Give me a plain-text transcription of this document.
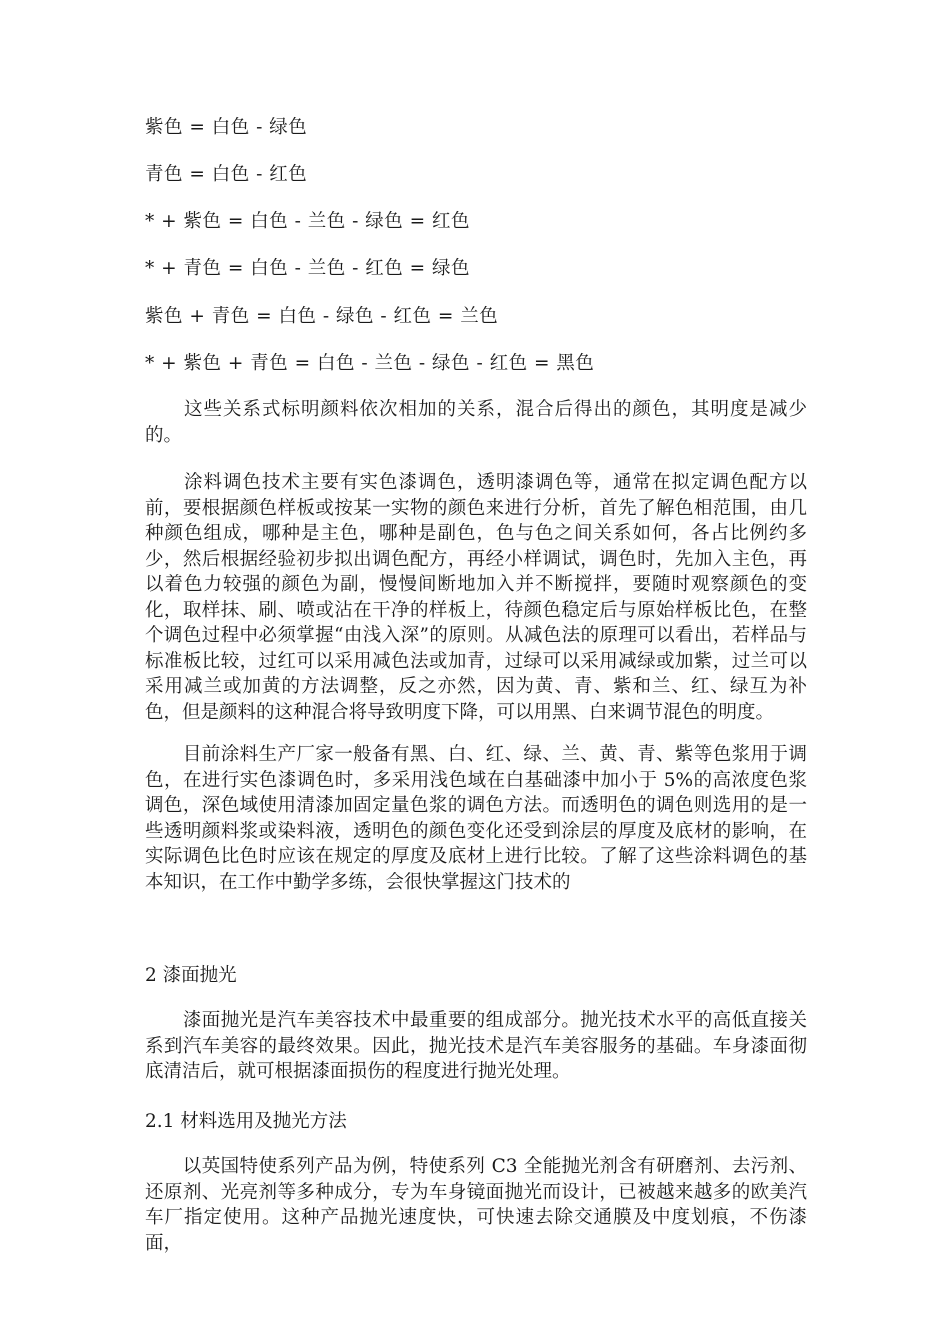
紫色 = 白色 - 绿色
青色 = 白色 - 红色
* + 紫色 = 白色 - 兰色 - 绿色 = 红色
* + 青色 = 白色 - 兰色 - 红色 = 绿色
紫色 + 青色 = 白色 - 绿色 - 红色 = 兰色
* + 紫色 + 青色 = 白色 - 兰色 - 绿色 - 红色 = 黑色
　　这些关系式标明颜料依次相加的关系，混合后得出的颜色，其明度是减少的。
　　涂料调色技术主要有实色漆调色，透明漆调色等，通常在拟定调色配方以前，要根据颜色样板或按某一实物的颜色来进行分析，首先了解色相范围，由几种颜色组成，哪种是主色，哪种是副色，色与色之间关系如何，各占比例约多少，然后根据经验初步拟出调色配方，再经小样调试，调色时，先加入主色，再以着色力较强的颜色为副，慢慢间断地加入并不断搅拌，要随时观察颜色的变化，取样抹、刷、喷或沾在干净的样板上，待颜色稳定后与原始样板比色，在整个调色过程中必须掌握“由浅入深”的原则。从减色法的原理可以看出，若样品与标准板比较，过红可以采用减色法或加青，过绿可以采用减绿或加紫，过兰可以采用减兰或加黄的方法调整，反之亦然，因为黄、青、紫和兰、红、绿互为补色，但是颜料的这种混合将导致明度下降，可以用黑、白来调节混色的明度。
　　目前涂料生产厂家一般备有黑、白、红、绿、兰、黄、青、紫等色浆用于调色，在进行实色漆调色时，多采用浅色域在白基础漆中加小于 5%的高浓度色浆调色，深色域使用清漆加固定量色浆的调色方法。而透明色的调色则选用的是一些透明颜料浆或染料液，透明色的颜色变化还受到涂层的厚度及底材的影响，在实际调色比色时应该在规定的厚度及底材上进行比较。了解了这些涂料调色的基本知识，在工作中勤学多练，会很快掌握这门技术的
2 漆面抛光
　　漆面抛光是汽车美容技术中最重要的组成部分。抛光技术水平的高低直接关系到汽车美容的最终效果。因此，抛光技术是汽车美容服务的基础。车身漆面彻底清洁后，就可根据漆面损伤的程度进行抛光处理。
2.1 材料选用及抛光方法
　　以英国特使系列产品为例，特使系列 C3 全能抛光剂含有研磨剂、去污剂、还原剂、光亮剂等多种成分，专为车身镜面抛光而设计，已被越来越多的欧美汽车厂指定使用。这种产品抛光速度快，可快速去除交通膜及中度划痕，不伤漆面，
